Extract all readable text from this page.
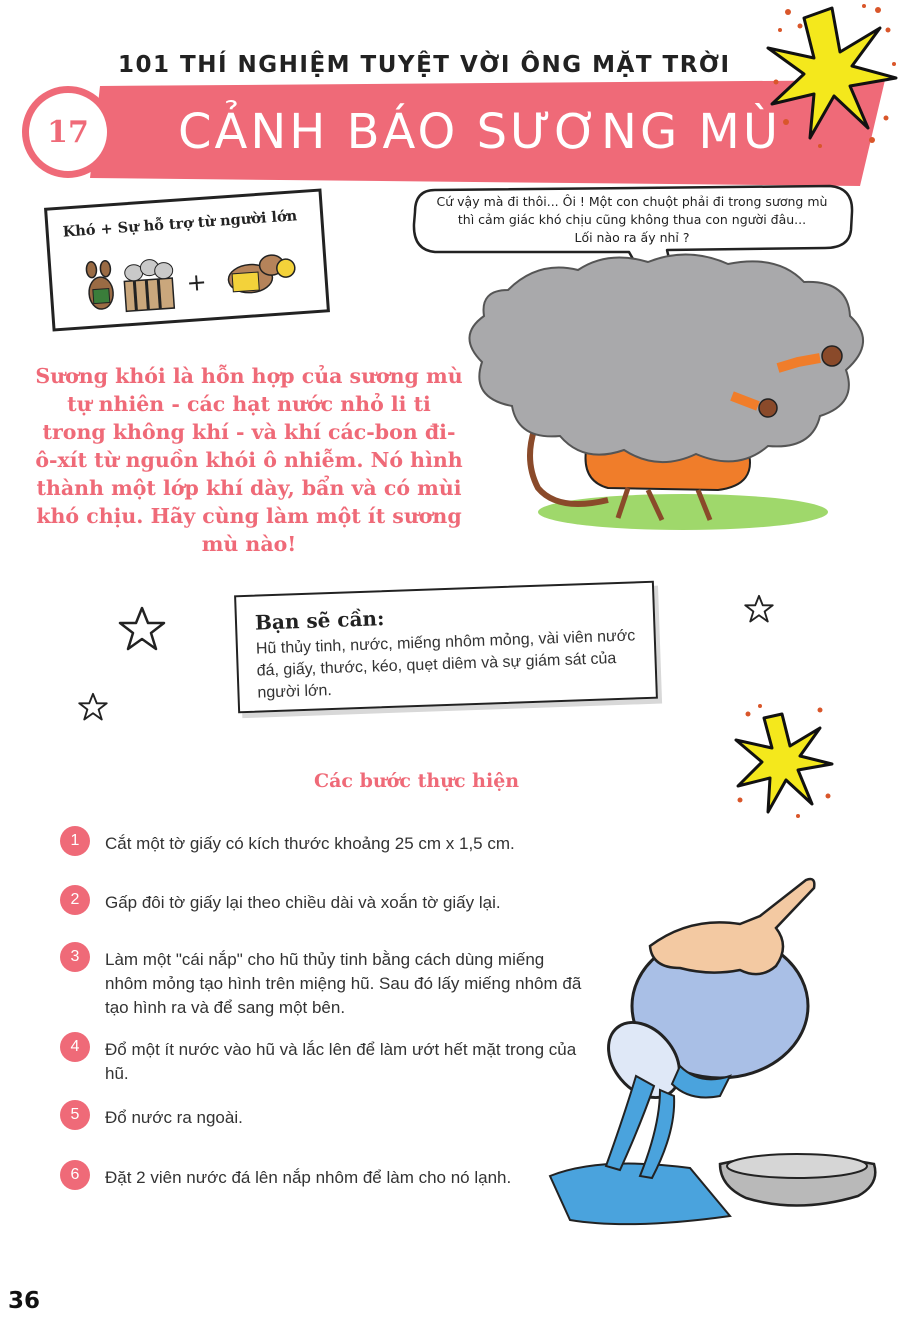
101 THÍ NGHIỆM TUYỆT VỜI ÔNG MẶT TRỜI
17	CẢNH BÁO SƯƠNG MÙ
Khó + Sự hỗ trợ từ người lớn
+
Sương khói là hỗn hợp của sương mù tự nhiên - các hạt nước nhỏ li ti trong không khí - và khí các-bon đi-ô-xít từ nguồn khói ô nhiễm. Nó hình thành một lớp khí dày, bẩn và có mùi khó chịu. Hãy cùng làm một ít sương mù nào!
Cứ vậy mà đi thôi... Ôi ! Một con chuột phải đi trong sương mù
thì cảm giác khó chịu cũng không thua con người đâu...
Lối nào ra ấy nhỉ ?
Bạn sẽ cần:
Hũ thủy tinh, nước, miếng nhôm mỏng, vài viên nước đá, giấy, thước, kéo, quẹt diêm và sự giám sát của người lớn.
Các bước thực hiện
1	Cắt một tờ giấy có kích thước khoảng 25 cm x 1,5 cm.
2	Gấp đôi tờ giấy lại theo chiều dài và xoắn tờ giấy lại.
3	Làm một "cái nắp" cho hũ thủy tinh bằng cách dùng miếng nhôm mỏng tạo hình trên miệng hũ. Sau đó lấy miếng nhôm đã tạo hình ra và để sang một bên.
4	Đổ một ít nước vào hũ và lắc lên để làm ướt hết mặt trong của hũ.
5	Đổ nước ra ngoài.
6	Đặt 2 viên nước đá lên nắp nhôm để làm cho nó lạnh.
36
